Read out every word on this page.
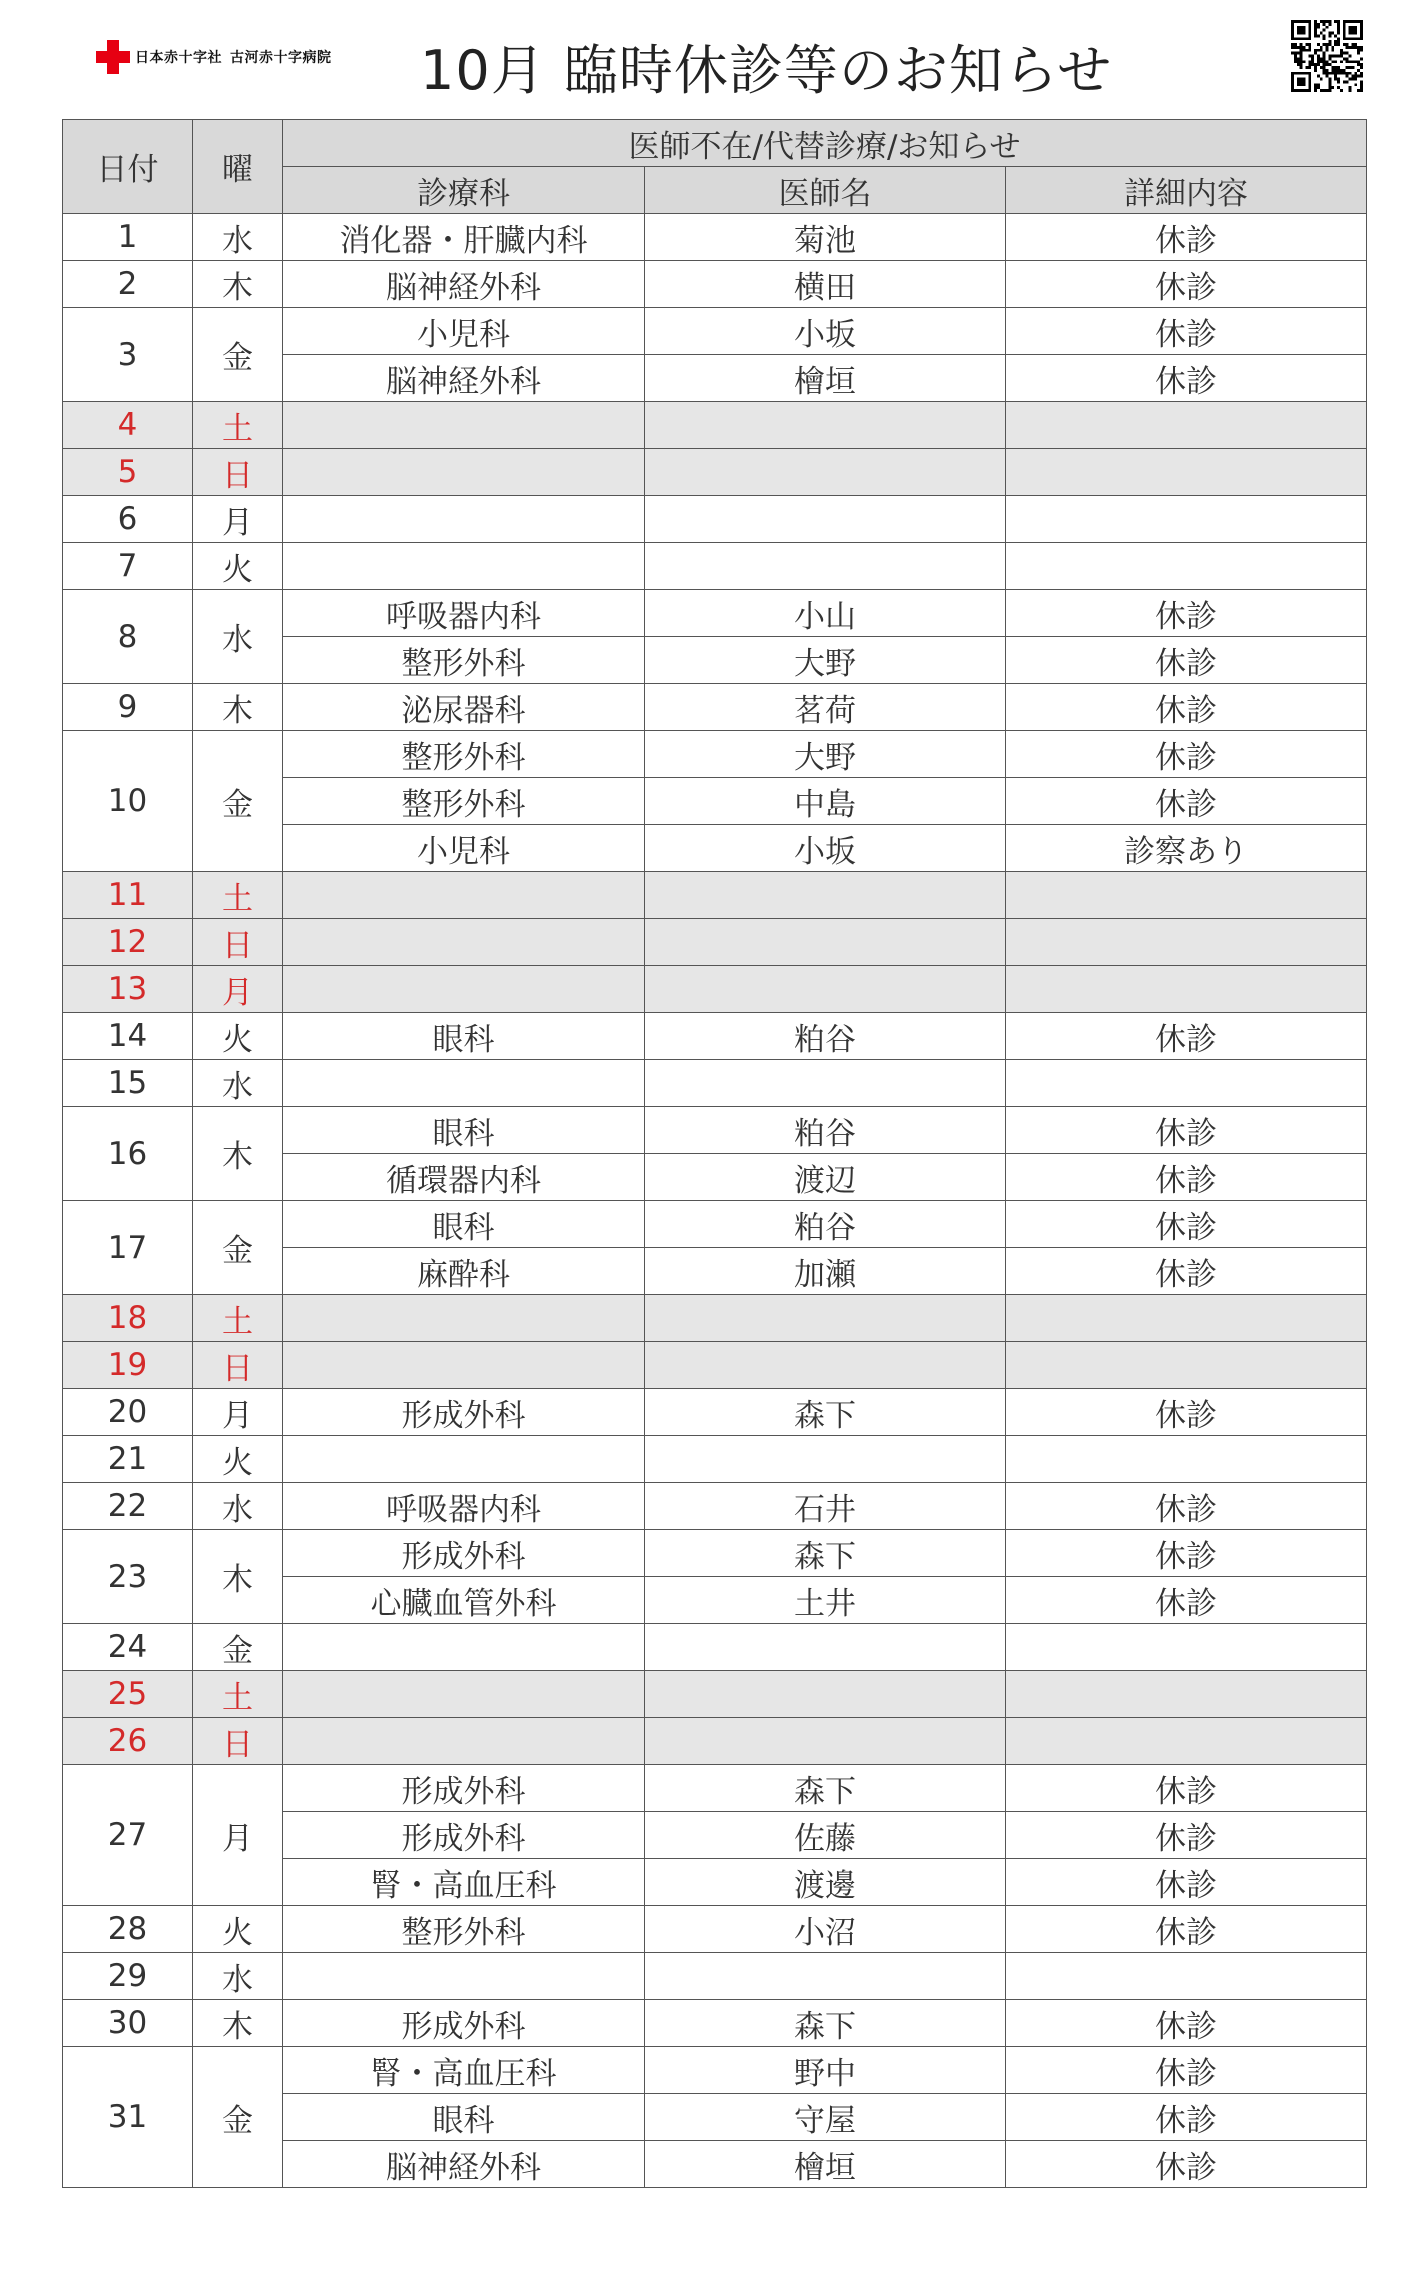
日本赤十字社 古河赤十字病院 10月 臨時休診等のお知らせ
日付	曜	医師不在/代替診療/お知らせ		
		診療科	医師名	詳細内容
1	水	消化器・肝臓内科	菊池	休診
2	木	脳神経外科	横田	休診
3	金	小児科	小坂	休診
		脳神経外科	檜垣	休診
4	土			
5	日			
6	月			
7	火			
8	水	呼吸器内科	小山	休診
		整形外科	大野	休診
9	木	泌尿器科	茗荷	休診
10	金	整形外科	大野	休診
		整形外科	中島	休診
		小児科	小坂	診察あり
11	土			
12	日			
13	月			
14	火	眼科	粕谷	休診
15	水			
16	木	眼科	粕谷	休診
		循環器内科	渡辺	休診
17	金	眼科	粕谷	休診
		麻酔科	加瀬	休診
18	土			
19	日			
20	月	形成外科	森下	休診
21	火			
22	水	呼吸器内科	石井	休診
23	木	形成外科	森下	休診
		心臓血管外科	土井	休診
24	金			
25	土			
26	日			
27	月	形成外科	森下	休診
		形成外科	佐藤	休診
		腎・高血圧科	渡邊	休診
28	火	整形外科	小沼	休診
29	水			
30	木	形成外科	森下	休診
31	金	腎・高血圧科	野中	休診
		眼科	守屋	休診
		脳神経外科	檜垣	休診
